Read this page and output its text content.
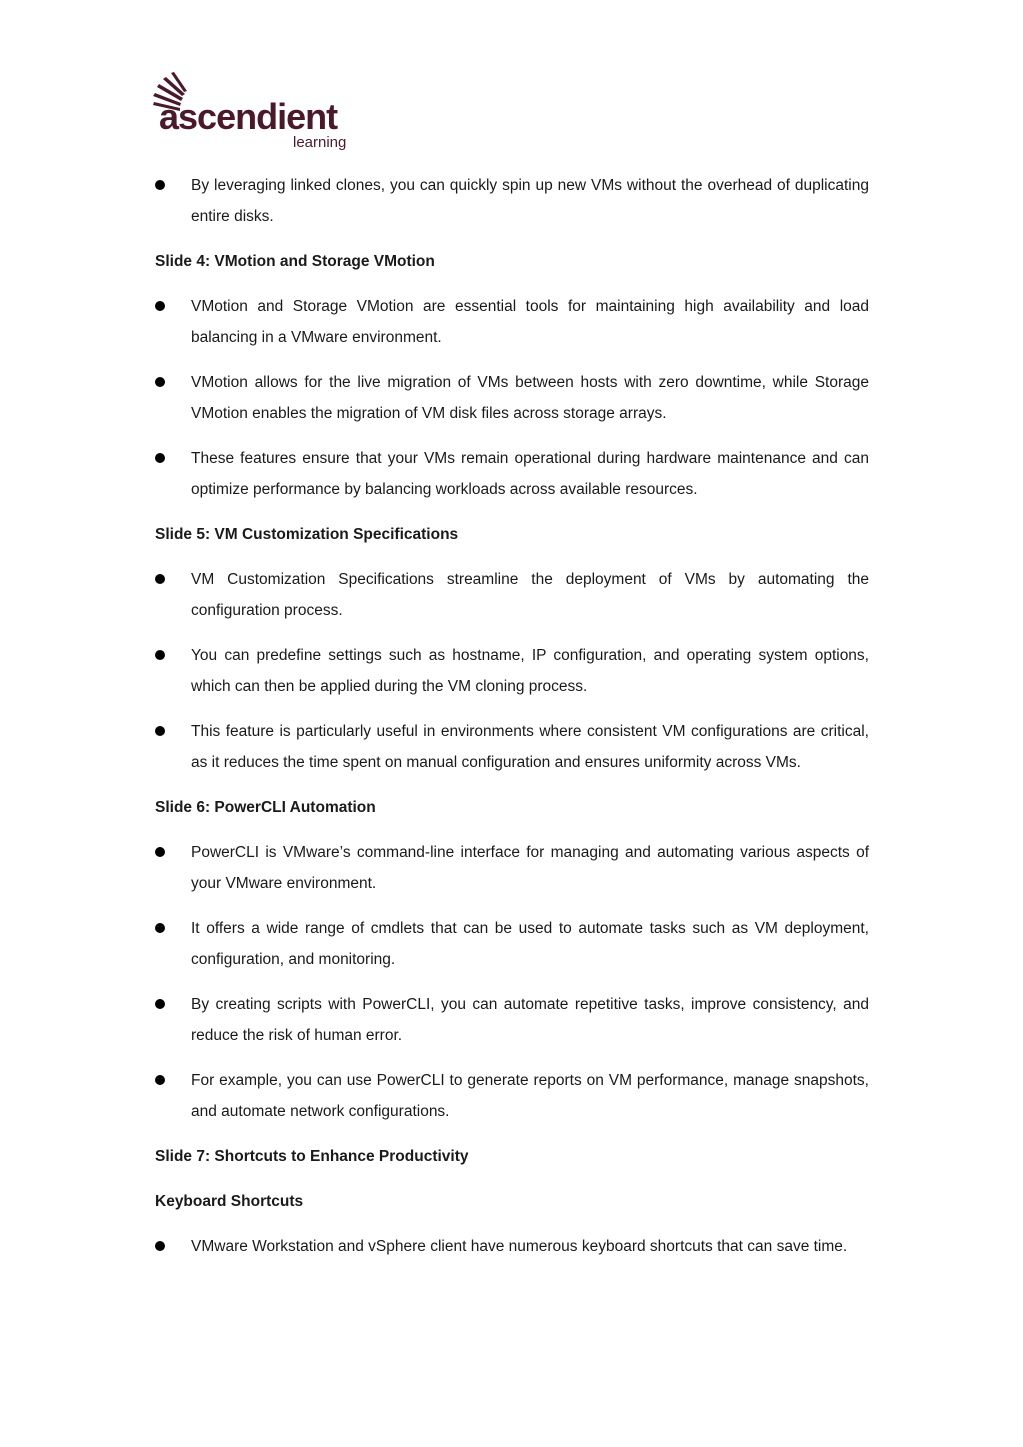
ascendient
learning
By leveraging linked clones, you can quickly spin up new VMs without the overhead of duplicating entire disks.
Slide 4: VMotion and Storage VMotion
VMotion and Storage VMotion are essential tools for maintaining high availability and load balancing in a VMware environment.
VMotion allows for the live migration of VMs between hosts with zero downtime, while Storage VMotion enables the migration of VM disk files across storage arrays.
These features ensure that your VMs remain operational during hardware maintenance and can optimize performance by balancing workloads across available resources.
Slide 5: VM Customization Specifications
VM Customization Specifications streamline the deployment of VMs by automating the configuration process.
You can predefine settings such as hostname, IP configuration, and operating system options, which can then be applied during the VM cloning process.
This feature is particularly useful in environments where consistent VM configurations are critical, as it reduces the time spent on manual configuration and ensures uniformity across VMs.
Slide 6: PowerCLI Automation
PowerCLI is VMware’s command-line interface for managing and automating various aspects of your VMware environment.
It offers a wide range of cmdlets that can be used to automate tasks such as VM deployment, configuration, and monitoring.
By creating scripts with PowerCLI, you can automate repetitive tasks, improve consistency, and reduce the risk of human error.
For example, you can use PowerCLI to generate reports on VM performance, manage snapshots, and automate network configurations.
Slide 7: Shortcuts to Enhance Productivity
Keyboard Shortcuts
VMware Workstation and vSphere client have numerous keyboard shortcuts that can save time.
